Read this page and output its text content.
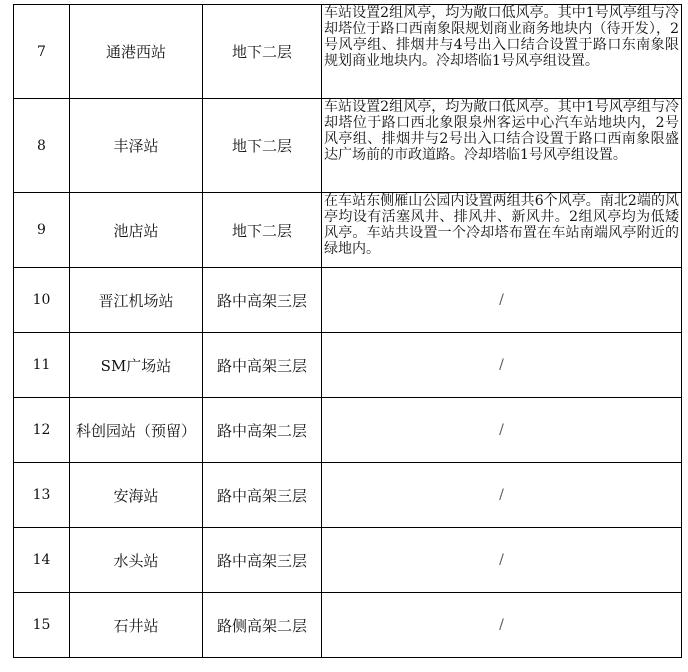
7	通港西站	地下二层	车站设置2组风亭，均为敞口低风亭。其中1号风亭组与冷却塔位于路口西南象限规划商业商务地块内（待开发），2号风亭组、排烟井与4号出入口结合设置于路口东南象限规划商业地块内。冷却塔临1号风亭组设置。
8	丰泽站	地下二层	车站设置2组风亭，均为敞口低风亭。其中1号风亭组与冷却塔位于路口西北象限泉州客运中心汽车站地块内，2号风亭组、排烟井与2号出入口结合设置于路口西南象限盛达广场前的市政道路。冷却塔临1号风亭组设置。
9	池店站	地下二层	在车站东侧雁山公园内设置两组共6个风亭。南北2端的风亭均设有活塞风井、排风井、新风井。2组风亭均为低矮风亭。车站共设置一个冷却塔布置在车站南端风亭附近的绿地内。
10	晋江机场站	路中高架三层	/
11	SM广场站	路中高架三层	/
12	科创园站（预留）	路中高架二层	/
13	安海站	路中高架三层	/
14	水头站	路中高架三层	/
15	石井站	路侧高架二层	/
